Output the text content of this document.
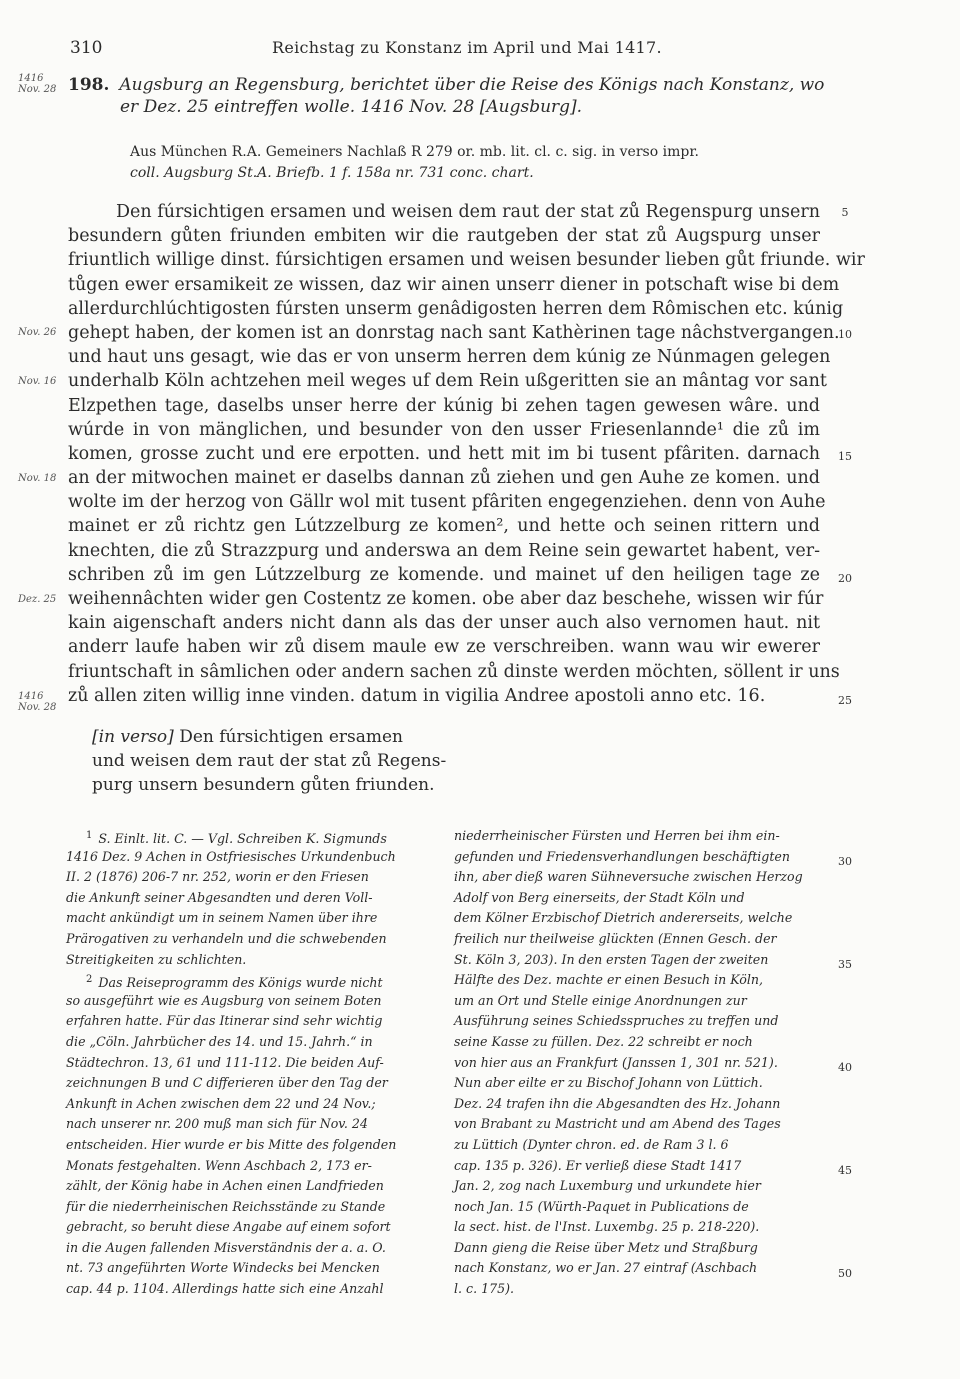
310	Reichstag zu Konstanz im April und Mai 1417.
1416
Nov. 28 198. Augsburg an Regensburg, berichtet über die Reise des Königs nach Konstanz, wo
er Dez. 25 eintreffen wolle. 1416 Nov. 28 [Augsburg].
Aus München R.A. Gemeiners Nachlaß R 279 or. mb. lit. cl. c. sig. in verso impr.
coll. Augsburg St.A. Briefb. 1 f. 158a nr. 731 conc. chart.
Den fúrsichtigen ersamen und weisen dem raut der stat zů Regenspurg unsern
besundern gůten friunden embiten wir die rautgeben der stat zů Augspurg unser
friuntlich willige dinst. fúrsichtigen ersamen und weisen besunder lieben gůt friunde. wir
tůgen ewer ersamikeit ze wissen, daz wir ainen unserr diener in potschaft wise bi dem
allerdurchlúchtigosten fúrsten unserm genâdigosten herren dem Rômischen etc. kúnig
gehept haben, der komen ist an donrstag nach sant Kathèrinen tage nâchstvergangen.
und haut uns gesagt, wie das er von unserm herren dem kúnig ze Núnmagen gelegen
underhalb Köln achtzehen meil weges uf dem Rein ußgeritten sie an mântag vor sant
Elzpethen tage, daselbs unser herre der kúnig bi zehen tagen gewesen wâre. und
wúrde in von mänglichen, und besunder von den usser Friesenlannde¹ die zů im
komen, grosse zucht und ere erpotten. und hett mit im bi tusent pfâriten. darnach
an der mitwochen mainet er daselbs dannan zů ziehen und gen Auhe ze komen. und
wolte im der herzog von Gällr wol mit tusent pfâriten engegenziehen. denn von Auhe
mainet er zů richtz gen Lútzzelburg ze komen², und hette och seinen rittern und
knechten, die zů Strazzpurg und anderswa an dem Reine sein gewartet habent, ver-
schriben zů im gen Lútzzelburg ze komende. und mainet uf den heiligen tage ze
weihennâchten wider gen Costentz ze komen. obe aber daz beschehe, wissen wir fúr
kain aigenschaft anders nicht dann als das der unser auch also vernomen haut. nit
anderr laufe haben wir zů disem maule ew ze verschreiben. wann wau wir ewerer
friuntschaft in sâmlichen oder andern sachen zů dinste werden möchten, söllent ir uns
zů allen ziten willig inne vinden. datum in vigilia Andree apostoli anno etc. 16.
Nov. 26
Nov. 16
Nov. 18
Dez. 25
1416 Nov. 28
5
10
15
20
25
30
35
40
45
50
[in verso] Den fúrsichtigen ersamen
und weisen dem raut der stat zů Regens-
purg unsern besundern gůten friunden.
$^1$ S. Einlt. lit. C. — Vgl. Schreiben K. Sigmunds
1416 Dez. 9 Achen in Ostfriesisches Urkundenbuch
II. 2 (1876) 206-7 nr. 252, worin er den Friesen
die Ankunft seiner Abgesandten und deren Voll-
macht ankündigt um in seinem Namen über ihre
Prärogativen zu verhandeln und die schwebenden
Streitigkeiten zu schlichten.
$^2$ Das Reiseprogramm des Königs wurde nicht
so ausgeführt wie es Augsburg von seinem Boten
erfahren hatte. Für das Itinerar sind sehr wichtig
die „Cöln. Jahrbücher des 14. und 15. Jahrh.“ in
Städtechron. 13, 61 und 111-112. Die beiden Auf-
zeichnungen B und C differieren über den Tag der
Ankunft in Achen zwischen dem 22 und 24 Nov.;
nach unserer nr. 200 muß man sich für Nov. 24
entscheiden. Hier wurde er bis Mitte des folgenden
Monats festgehalten. Wenn Aschbach 2, 173 er-
zählt, der König habe in Achen einen Landfrieden
für die niederrheinischen Reichsstände zu Stande
gebracht, so beruht diese Angabe auf einem sofort
in die Augen fallenden Misverständnis der a. a. O.
nt. 73 angeführten Worte Windecks bei Mencken
cap. 44 p. 1104. Allerdings hatte sich eine Anzahl
niederrheinischer Fürsten und Herren bei ihm ein-
gefunden und Friedensverhandlungen beschäftigten
ihn, aber dieß waren Sühneversuche zwischen Herzog
Adolf von Berg einerseits, der Stadt Köln und
dem Kölner Erzbischof Dietrich andererseits, welche
freilich nur theilweise glückten (Ennen Gesch. der
St. Köln 3, 203). In den ersten Tagen der zweiten
Hälfte des Dez. machte er einen Besuch in Köln,
um an Ort und Stelle einige Anordnungen zur
Ausführung seines Schiedsspruches zu treffen und
seine Kasse zu füllen. Dez. 22 schreibt er noch
von hier aus an Frankfurt (Janssen 1, 301 nr. 521).
Nun aber eilte er zu Bischof Johann von Lüttich.
Dez. 24 trafen ihn die Abgesandten des Hz. Johann
von Brabant zu Mastricht und am Abend des Tages
zu Lüttich (Dynter chron. ed. de Ram 3 l. 6
cap. 135 p. 326). Er verließ diese Stadt 1417
Jan. 2, zog nach Luxemburg und urkundete hier
noch Jan. 15 (Würth-Paquet in Publications de
la sect. hist. de l'Inst. Luxembg. 25 p. 218-220).
Dann gieng die Reise über Metz und Straßburg
nach Konstanz, wo er Jan. 27 eintraf (Aschbach
l. c. 175).
